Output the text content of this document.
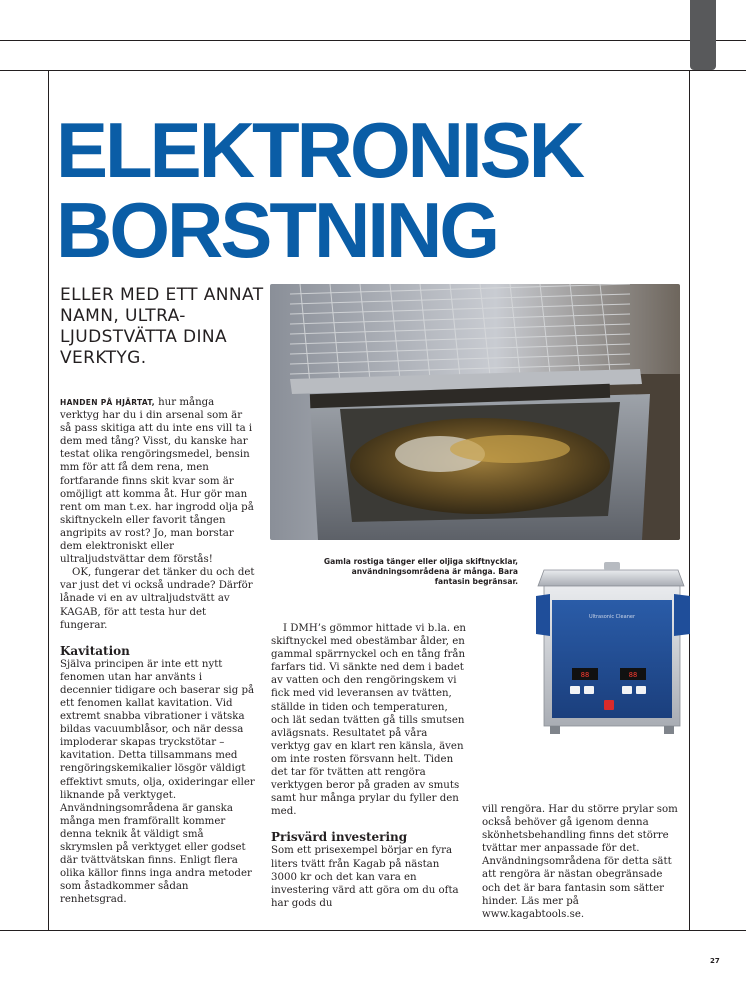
ELEKTRONISK
BORSTNING
ELLER MED ETT ANNAT NAMN, ULTRA-LJUDSTVÄTTA DINA VERKTYG.

HANDEN PÅ HJÄRTAT, hur många verktyg har du i din arsenal som är så pass skitiga att du inte ens vill ta i dem med tång? Visst, du kanske har testat olika rengöringsmedel, bensin mm för att få dem rena, men fortfarande finns skit kvar som är omöjligt att komma åt. Hur gör man rent om man t.ex. har ingrodd olja på skiftnyckeln eller favorit tången angripits av rost? Jo, man borstar dem elektroniskt eller ultraljudstvättar dem förstås!

OK, fungerar det tänker du och det var just det vi också undrade? Därför lånade vi en av ultraljudstvätt av KAGAB, för att testa hur det fungerar.

Kavitation

Själva principen är inte ett nytt fenomen utan har använts i decennier tidigare och baserar sig på ett fenomen kallat kavitation. Vid extremt snabba vibrationer i vätska bildas vacuumblåsor, och när dessa imploderar skapas tryckstötar – kavitation. Detta tillsammans med rengöringskemikalier lösgör väldigt effektivt smuts, olja, oxideringar eller liknande på verktyget. Användningsområdena är ganska många men framförallt kommer denna teknik åt väldigt små skrymslen på verktyget eller godset där tvättvätskan finns. Enligt flera olika källor finns inga andra metoder som åstadkommer sådan renhetsgrad.

Gamla rostiga tänger eller oljiga skiftnycklar, användningsområdena är många. Bara fantasin begränsar.
Ultrasonic Cleaner
88	88

I DMH’s gömmor hittade vi b.la. en skiftnyckel med obestämbar ålder, en gammal spärrnyckel och en tång från farfars tid. Vi sänkte ned dem i badet av vatten och den rengöringskem vi fick med vid leveransen av tvätten, ställde in tiden och temperaturen, och lät sedan tvätten gå tills smutsen avlägsnats. Resultatet på våra verktyg gav en klart ren känsla, även om inte rosten försvann helt. Tiden det tar för tvätten att rengöra verktygen beror på graden av smuts samt hur många prylar du fyller den med.

Prisvärd investering

Som ett prisexempel börjar en fyra liters tvätt från Kagab på nästan 3000 kr och det kan vara en investering värd att göra om du ofta har gods du

vill rengöra. Har du större prylar som också behöver gå igenom denna skönhetsbehandling finns det större tvättar mer anpassade för det. Användningsområdena för detta sätt att rengöra är nästan obegränsade och det är bara fantasin som sätter hinder. Läs mer på www.kagabtools.se.

27
